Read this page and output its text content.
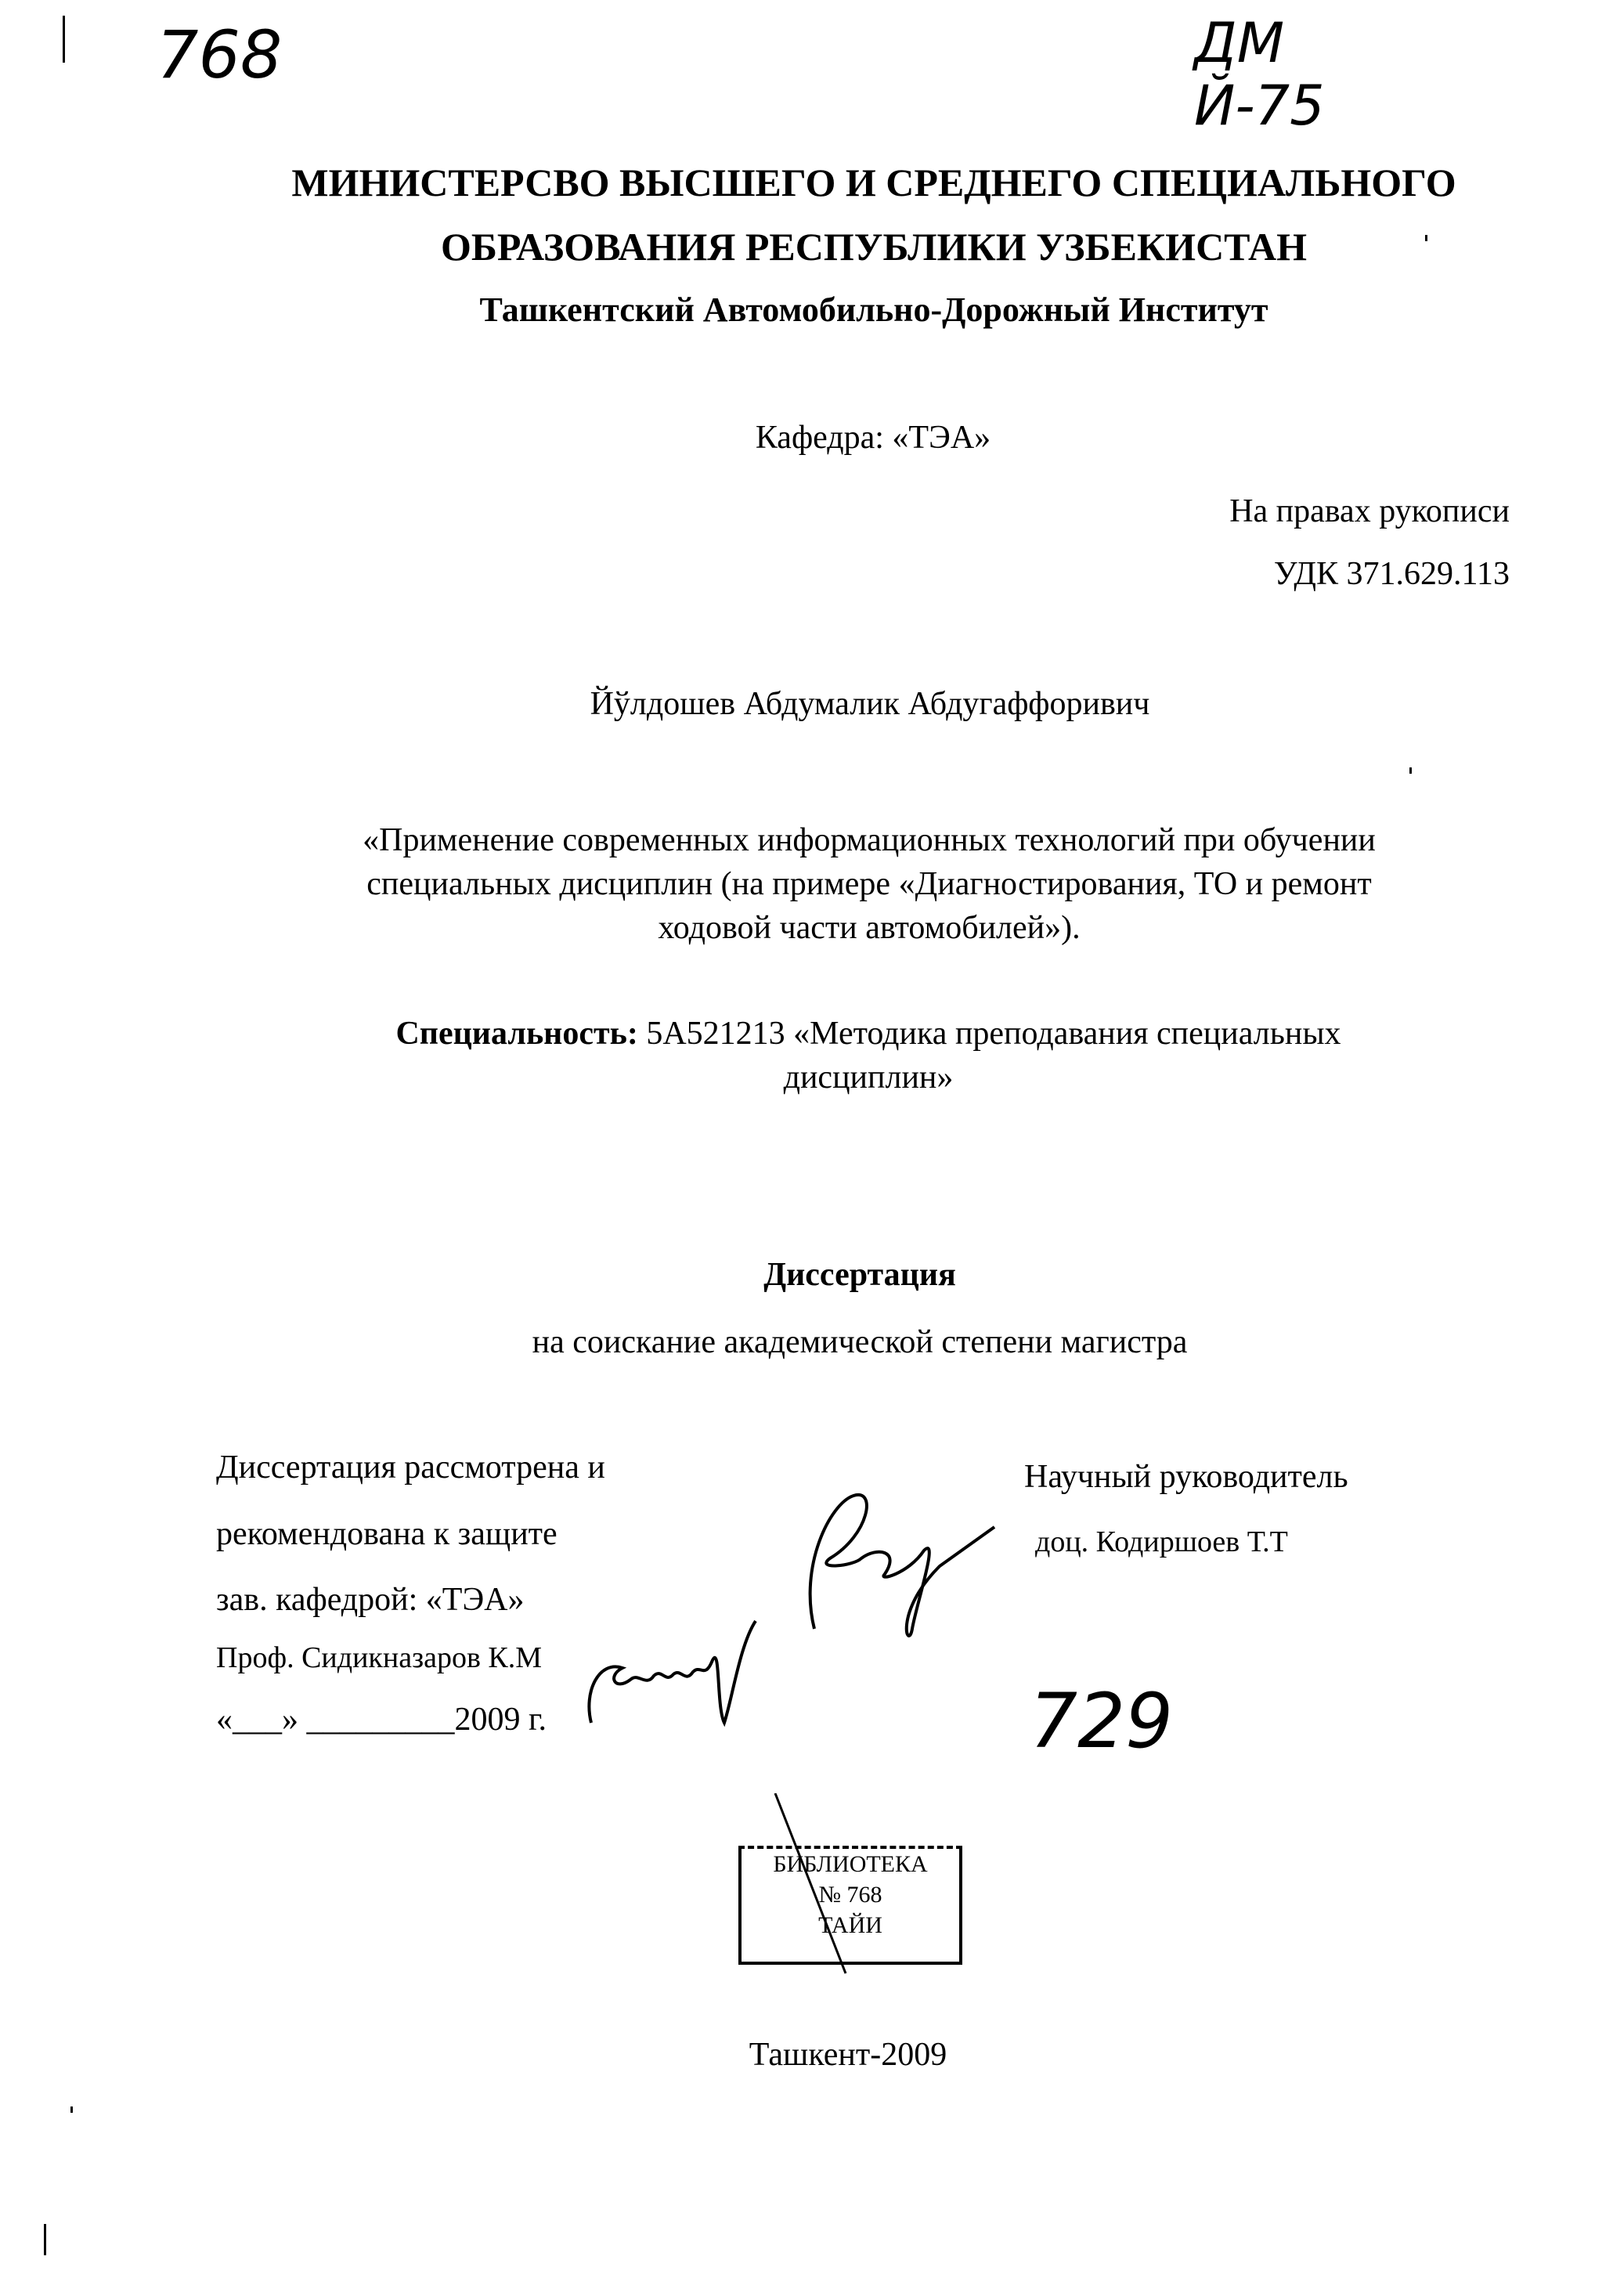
768	ДМ
Й-75
МИНИСТЕРСВО ВЫСШЕГО И СРЕДНЕГО СПЕЦИАЛЬНОГО
ОБРАЗОВАНИЯ РЕСПУБЛИКИ УЗБЕКИСТАН
Ташкентский Автомобильно-Дорожный Институт
Кафедра: «ТЭА»
На правах рукописи
УДК 371.629.113
Йўлдошев Абдумалик Абдугаффоривич
«Применение современных информационных технологий при обучении
специальных дисциплин (на примере «Диагностирования, ТО и ремонт
ходовой части автомобилей»).
Специальность: 5A521213 «Методика преподавания специальных
дисциплин»
Диссертация
на соискание академической степени магистра
Диссертация рассмотрена и
рекомендована к защите
зав. кафедрой: «ТЭА»
Проф. Сидикназаров К.М
«___» _________2009 г.
Научный руководитель
доц. Кодиршоев Т.Т
729
БИБЛИОТЕКА
№ 768
ТАЙИ
Ташкент-2009
